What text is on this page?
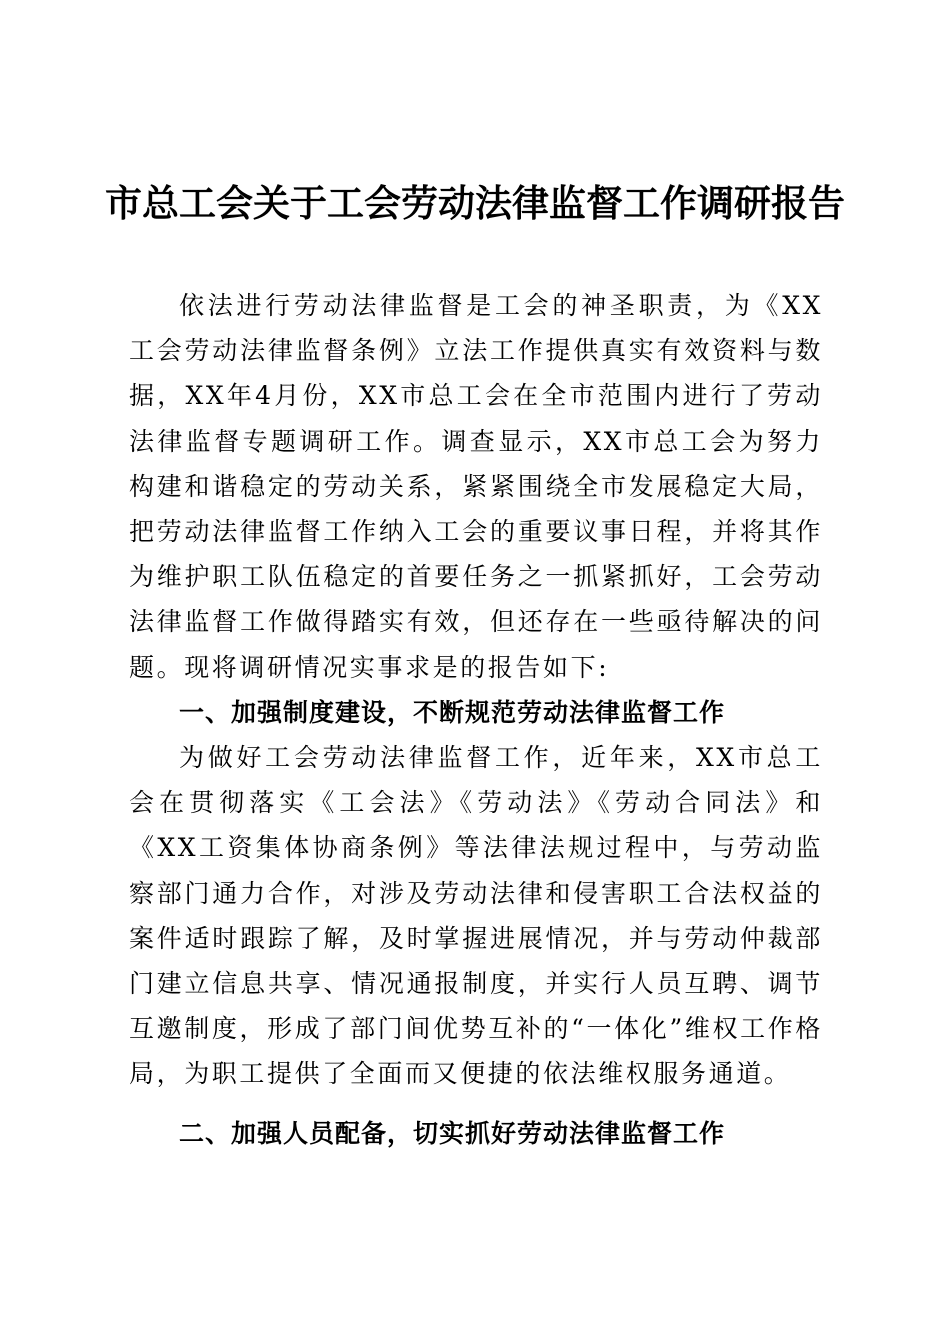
市总工会关于工会劳动法律监督工作调研报告

依法进行劳动法律监督是工会的神圣职责，为《XX工会劳动法律监督条例》立法工作提供真实有效资料与数据，XX年4月份，XX市总工会在全市范围内进行了劳动法律监督专题调研工作。调查显示，XX市总工会为努力构建和谐稳定的劳动关系，紧紧围绕全市发展稳定大局，把劳动法律监督工作纳入工会的重要议事日程，并将其作为维护职工队伍稳定的首要任务之一抓紧抓好，工会劳动法律监督工作做得踏实有效，但还存在一些亟待解决的问题。现将调研情况实事求是的报告如下:

一、加强制度建设，不断规范劳动法律监督工作

为做好工会劳动法律监督工作，近年来，XX市总工会在贯彻落实《工会法》《劳动法》《劳动合同法》和《XX工资集体协商条例》等法律法规过程中，与劳动监察部门通力合作，对涉及劳动法律和侵害职工合法权益的案件适时跟踪了解，及时掌握进展情况，并与劳动仲裁部门建立信息共享、情况通报制度，并实行人员互聘、调节互邀制度，形成了部门间优势互补的“一体化”维权工作格局，为职工提供了全面而又便捷的依法维权服务通道。

二、加强人员配备，切实抓好劳动法律监督工作
